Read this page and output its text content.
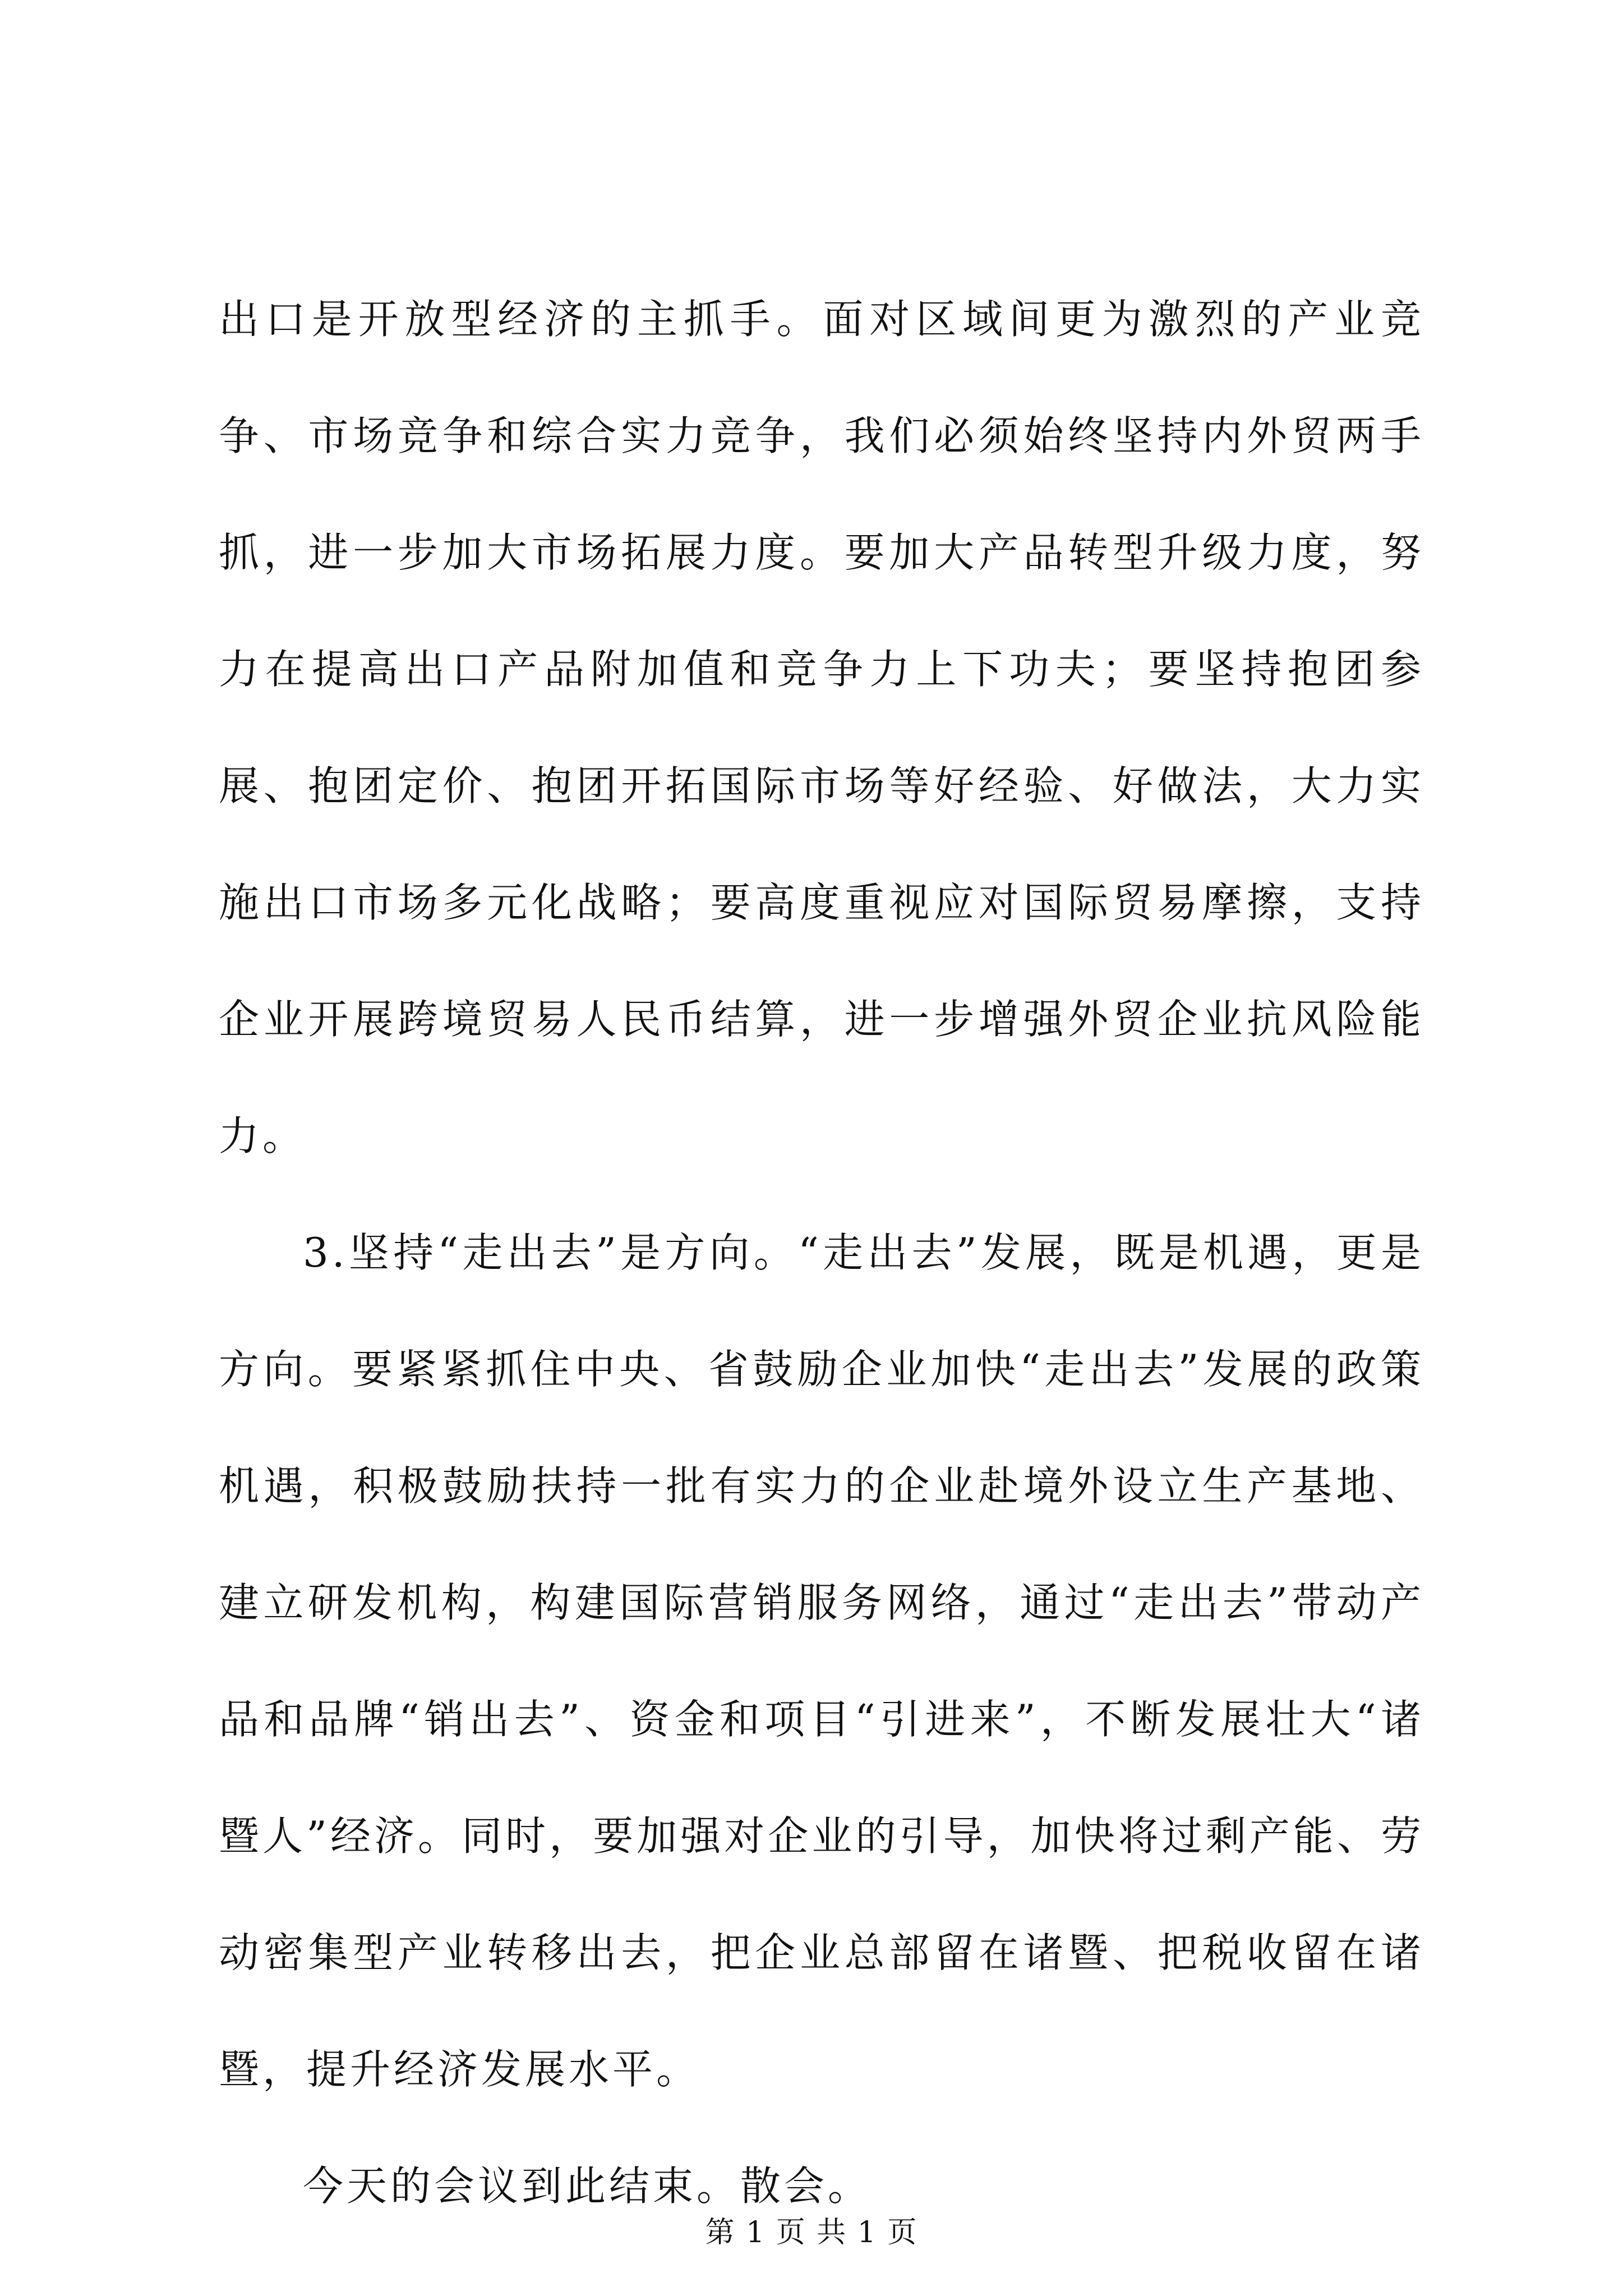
出口是开放型经济的主抓手。面对区域间更为激烈的产业竞争、市场竞争和综合实力竞争，我们必须始终坚持内外贸两手抓，进一步加大市场拓展力度。要加大产品转型升级力度，努力在提高出口产品附加值和竞争力上下功夫；要坚持抱团参展、抱团定价、抱团开拓国际市场等好经验、好做法，大力实施出口市场多元化战略；要高度重视应对国际贸易摩擦，支持企业开展跨境贸易人民币结算，进一步增强外贸企业抗风险能力。

3.坚持“走出去”是方向。“走出去”发展，既是机遇，更是方向。要紧紧抓住中央、省鼓励企业加快“走出去”发展的政策机遇，积极鼓励扶持一批有实力的企业赴境外设立生产基地、建立研发机构，构建国际营销服务网络，通过“走出去”带动产品和品牌“销出去”、资金和项目“引进来”，不断发展壮大“诸暨人”经济。同时，要加强对企业的引导，加快将过剩产能、劳动密集型产业转移出去，把企业总部留在诸暨、把税收留在诸暨，提升经济发展水平。

今天的会议到此结束。散会。

第 1 页 共 1 页
